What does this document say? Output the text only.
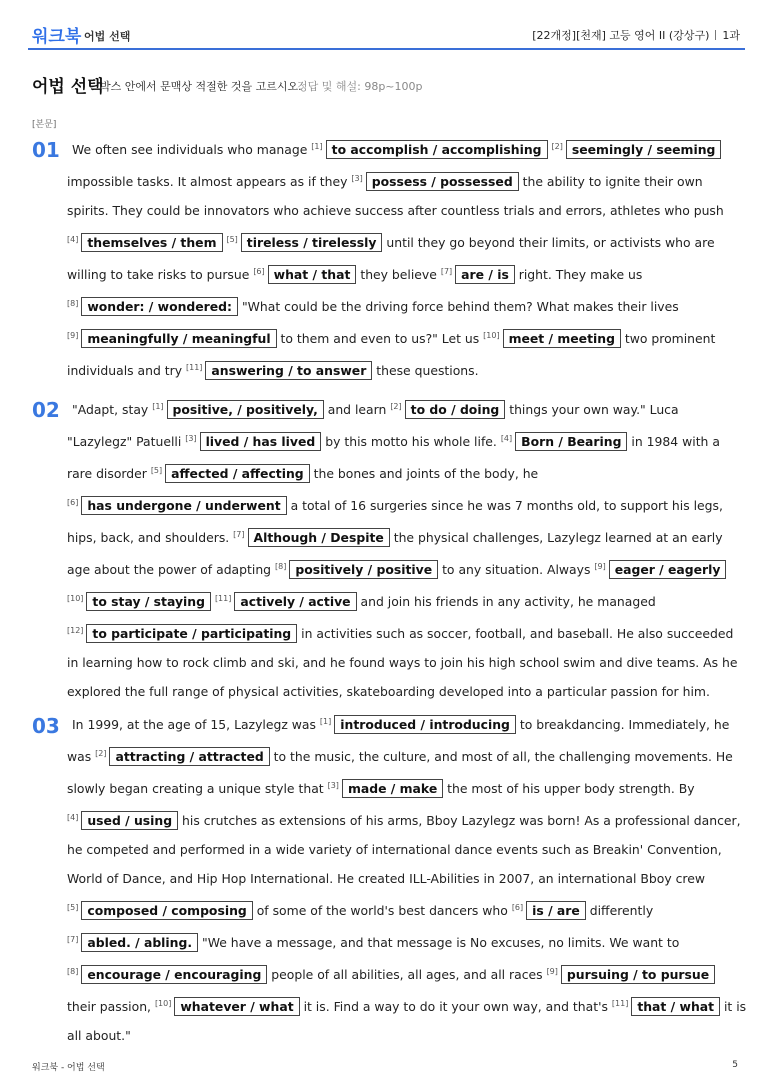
워크북 어법 선택	[22개정][천재] 고등 영어 II (강상구) 1과
어법 선택
박스 안에서 문맥상 적절한 것을 고르시오.
정답 및 해설: 98p~100p
[본문]
01 We often see individuals who manage [1] to accomplish / accomplishing [2] seemingly / seeming impossible tasks. It almost appears as if they [3] possess / possessed the ability to ignite their own spirits. They could be innovators who achieve success after countless trials and errors, athletes who push [4] themselves / them [5] tireless / tirelessly until they go beyond their limits, or activists who are willing to take risks to pursue [6] what / that they believe [7] are / is right. They make us [8] wonder: / wondered: "What could be the driving force behind them? What makes their lives [9] meaningfully / meaningful to them and even to us?" Let us [10] meet / meeting two prominent individuals and try [11] answering / to answer these questions.
02 "Adapt, stay [1] positive, / positively, and learn [2] to do / doing things your own way." Luca "Lazylegz" Patuelli [3] lived / has lived by this motto his whole life. [4] Born / Bearing in 1984 with a rare disorder [5] affected / affecting the bones and joints of the body, he [6] has undergone / underwent a total of 16 surgeries since he was 7 months old, to support his legs, hips, back, and shoulders. [7] Although / Despite the physical challenges, Lazylegz learned at an early age about the power of adapting [8] positively / positive to any situation. Always [9] eager / eagerly [10] to stay / staying [11] actively / active and join his friends in any activity, he managed [12] to participate / participating in activities such as soccer, football, and baseball. He also succeeded in learning how to rock climb and ski, and he found ways to join his high school swim and dive teams. As he explored the full range of physical activities, skateboarding developed into a particular passion for him.
03 In 1999, at the age of 15, Lazylegz was [1] introduced / introducing to breakdancing. Immediately, he was [2] attracting / attracted to the music, the culture, and most of all, the challenging movements. He slowly began creating a unique style that [3] made / make the most of his upper body strength. By [4] used / using his crutches as extensions of his arms, Bboy Lazylegz was born! As a professional dancer, he competed and performed in a wide variety of international dance events such as Breakin' Convention, World of Dance, and Hip Hop International. He created ILL-Abilities in 2007, an international Bboy crew [5] composed / composing of some of the world's best dancers who [6] is / are differently [7] abled. / abling. "We have a message, and that message is No excuses, no limits. We want to [8] encourage / encouraging people of all abilities, all ages, and all races [9] pursuing / to pursue their passion, [10] whatever / what it is. Find a way to do it your own way, and that's [11] that / what it is all about."
워크북 - 어법 선택	5
